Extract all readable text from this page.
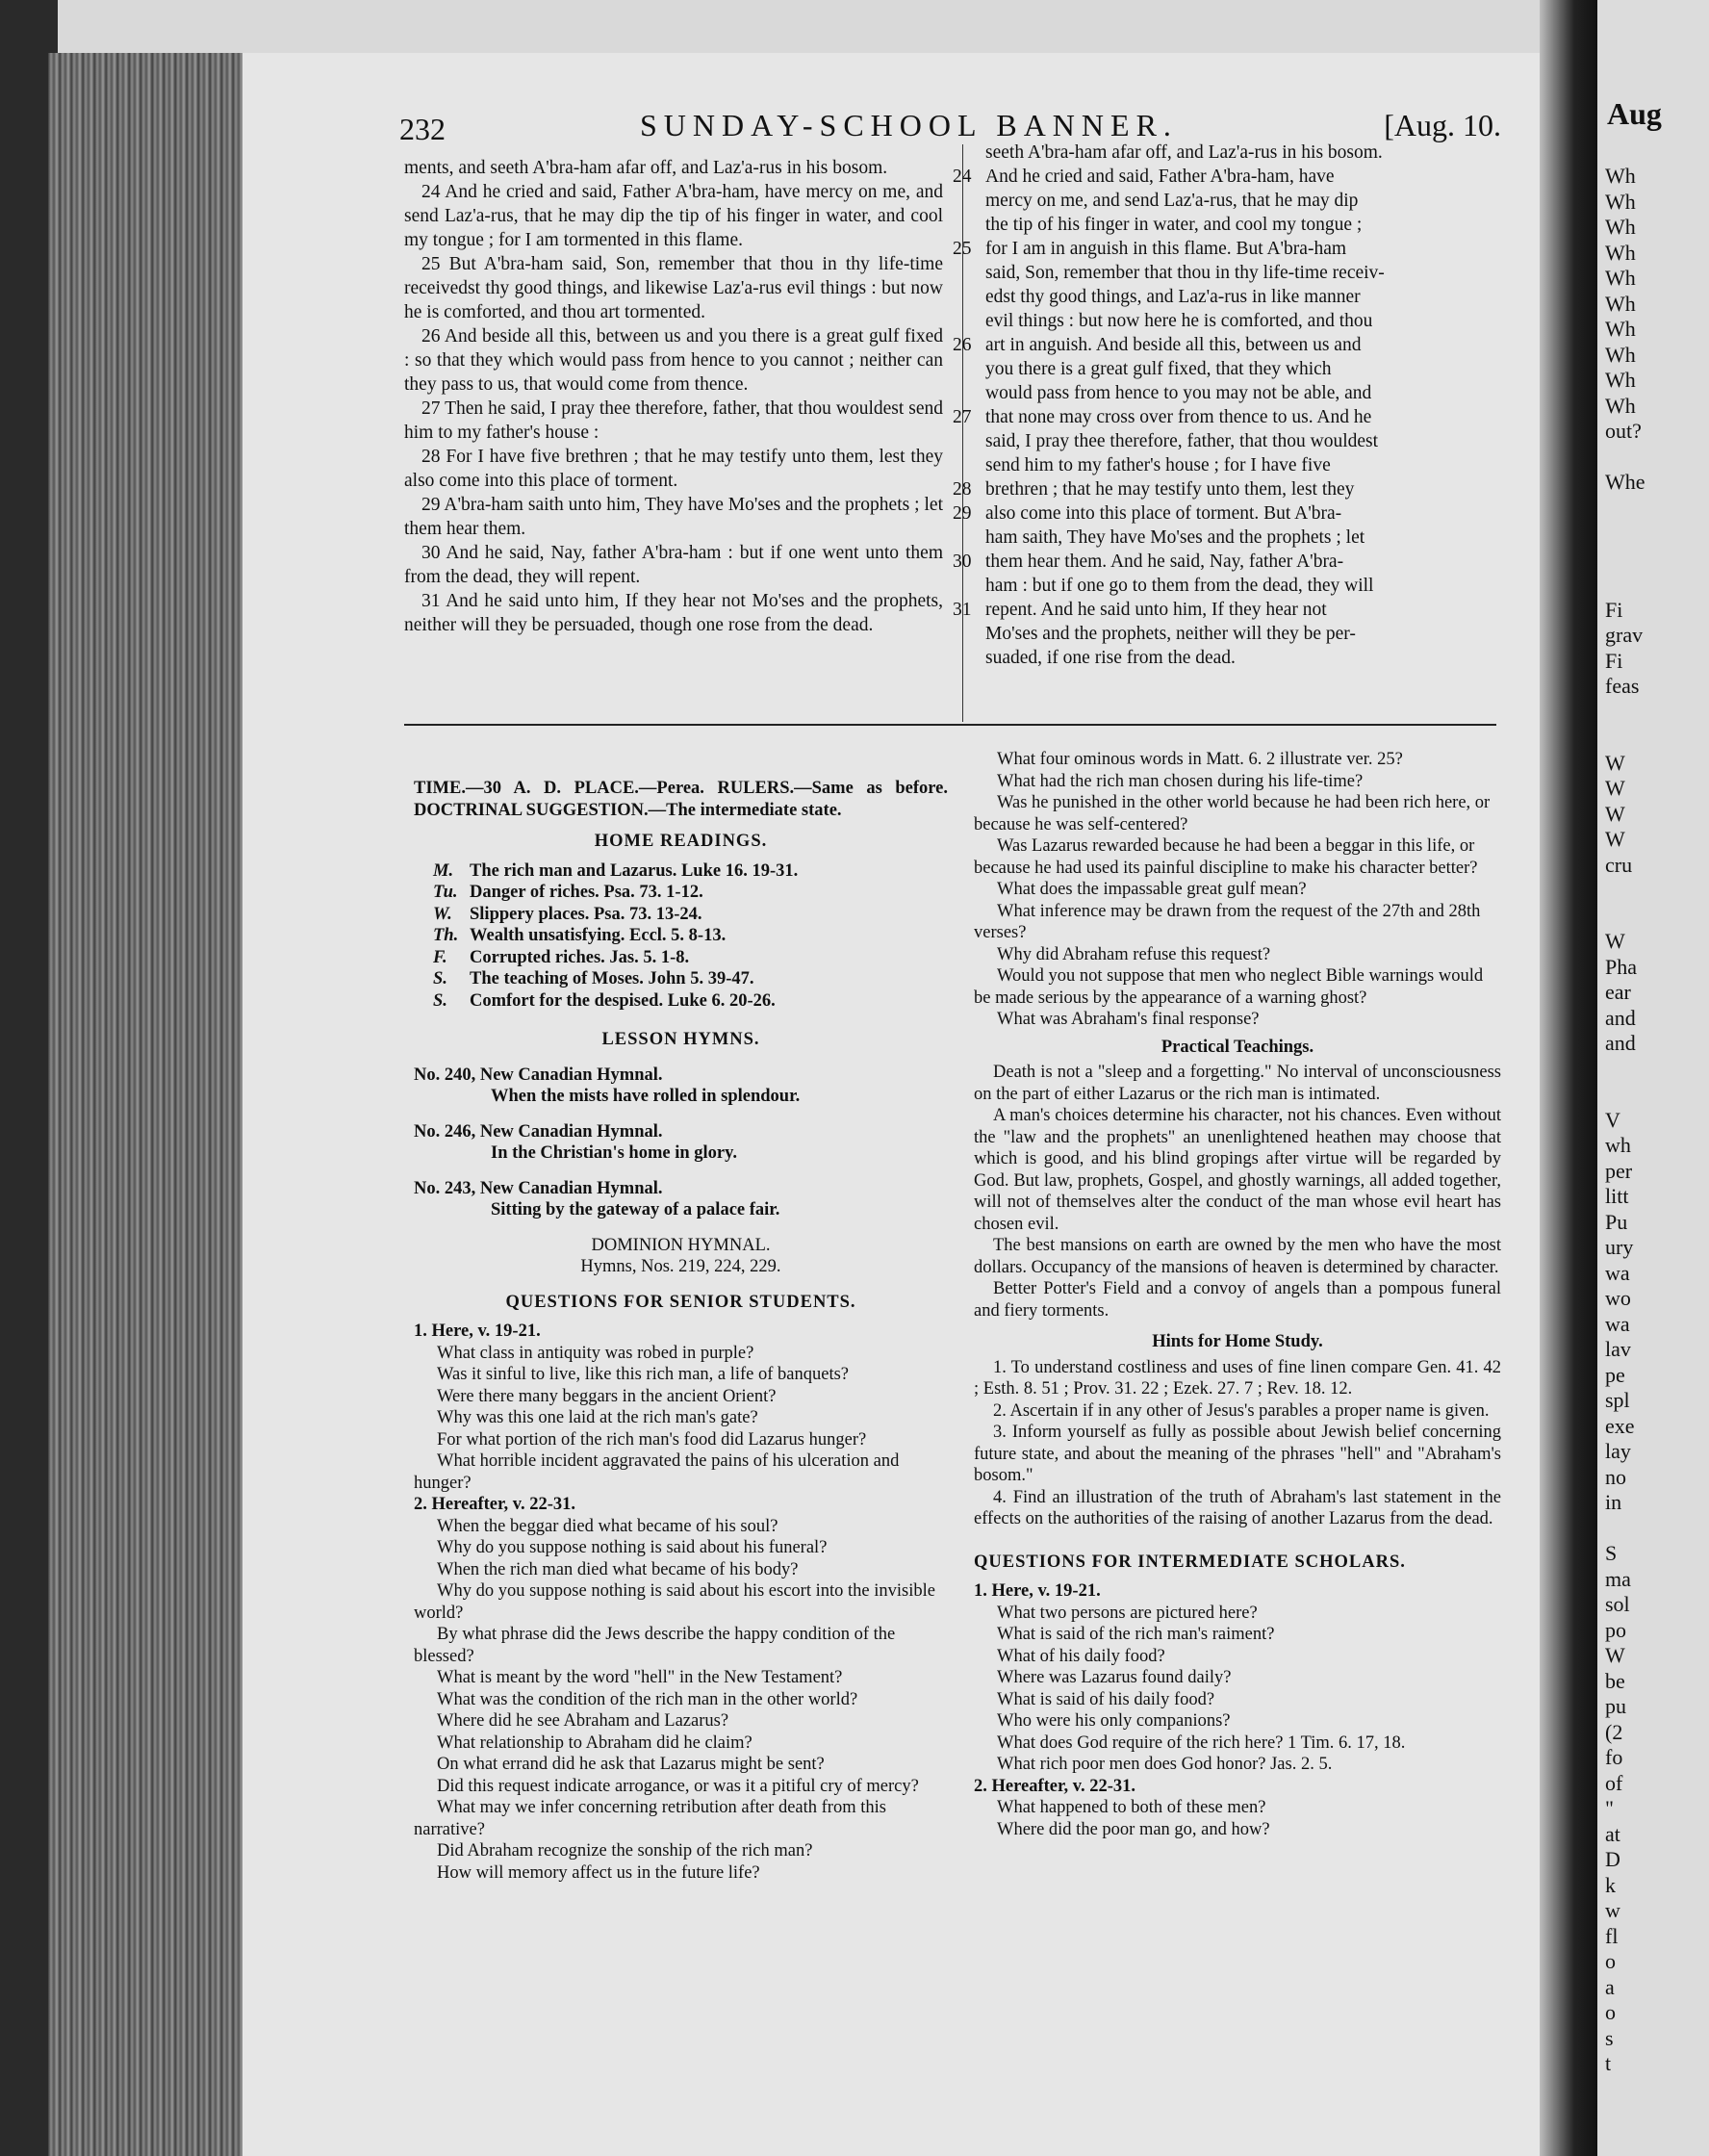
Aug
Wh
Wh
Wh
Wh
Wh
Wh
Wh
Wh
Wh
Wh
out?
Whe
Fi
grav
Fi
feas
W
W
W
W
cru
W
Pha
ear
and
and
V
wh
per
litt
Pu
ury
wa
wo
wa
lav
pe
spl
exe
lay
no
in
S
ma
sol
po
W
be
pu
(2
fo
of
"
at
D
k
w
fl
o
a
o
s
t
232	SUNDAY-SCHOOL BANNER.	[Aug. 10.

ments, and seeth A'bra-ham afar off, and Laz'a-rus in his bosom.

24 And he cried and said, Father A'bra-ham, have mercy on me, and send Laz'a-rus, that he may dip the tip of his finger in water, and cool my tongue ; for I am tormented in this flame.

25 But A'bra-ham said, Son, remember that thou in thy life-time receivedst thy good things, and likewise Laz'a-rus evil things : but now he is comforted, and thou art tormented.

26 And beside all this, between us and you there is a great gulf fixed : so that they which would pass from hence to you cannot ; neither can they pass to us, that would come from thence.

27 Then he said, I pray thee therefore, father, that thou wouldest send him to my father's house :

28 For I have five brethren ; that he may testify unto them, lest they also come into this place of torment.

29 A'bra-ham saith unto him, They have Mo'ses and the prophets ; let them hear them.

30 And he said, Nay, father A'bra-ham : but if one went unto them from the dead, they will repent.

31 And he said unto him, If they hear not Mo'ses and the prophets, neither will they be persuaded, though one rose from the dead.

seeth A'bra-ham afar off, and Laz'a-rus in his bosom.
24 And he cried and said, Father A'bra-ham, have
mercy on me, and send Laz'a-rus, that he may dip
the tip of his finger in water, and cool my tongue ;
25 for I am in anguish in this flame. But A'bra-ham
said, Son, remember that thou in thy life-time receiv-
edst thy good things, and Laz'a-rus in like manner
evil things : but now here he is comforted, and thou
26 art in anguish. And beside all this, between us and
you there is a great gulf fixed, that they which
would pass from hence to you may not be able, and
27 that none may cross over from thence to us. And he
said, I pray thee therefore, father, that thou wouldest
send him to my father's house ; for I have five
28 brethren ; that he may testify unto them, lest they
29 also come into this place of torment. But A'bra-
ham saith, They have Mo'ses and the prophets ; let
30 them hear them. And he said, Nay, father A'bra-
ham : but if one go to them from the dead, they will
31 repent. And he said unto him, If they hear not
Mo'ses and the prophets, neither will they be per-
suaded, if one rise from the dead.

TIME.—30 A. D. PLACE.—Perea. RULERS.—Same as before. DOCTRINAL SUGGESTION.—The intermediate state.

HOME READINGS.
M. The rich man and Lazarus. Luke 16. 19-31.
Tu. Danger of riches. Psa. 73. 1-12.
W. Slippery places. Psa. 73. 13-24.
Th. Wealth unsatisfying. Eccl. 5. 8-13.
F.	Corrupted riches. Jas. 5. 1-8.
S.	The teaching of Moses. John 5. 39-47.
S.	Comfort for the despised. Luke 6. 20-26.
LESSON HYMNS.
No. 240, New Canadian Hymnal.
When the mists have rolled in splendour.
No. 246, New Canadian Hymnal.
In the Christian's home in glory.
No. 243, New Canadian Hymnal.
Sitting by the gateway of a palace fair.
DOMINION HYMNAL.
Hymns, Nos. 219, 224, 229.
QUESTIONS FOR SENIOR STUDENTS.
1. Here, v. 19-21.
What class in antiquity was robed in purple?
Was it sinful to live, like this rich man, a life of banquets?
Were there many beggars in the ancient Orient?
Why was this one laid at the rich man's gate?
For what portion of the rich man's food did Lazarus hunger?
What horrible incident aggravated the pains of his ulceration and hunger?
2. Hereafter, v. 22-31.
When the beggar died what became of his soul?
Why do you suppose nothing is said about his funeral?
When the rich man died what became of his body?
Why do you suppose nothing is said about his escort into the invisible world?
By what phrase did the Jews describe the happy condition of the blessed?
What is meant by the word "hell" in the New Testament?
What was the condition of the rich man in the other world?
Where did he see Abraham and Lazarus?
What relationship to Abraham did he claim?
On what errand did he ask that Lazarus might be sent?
Did this request indicate arrogance, or was it a pitiful cry of mercy?
What may we infer concerning retribution after death from this narrative?
Did Abraham recognize the sonship of the rich man?
How will memory affect us in the future life?
What four ominous words in Matt. 6. 2 illustrate ver. 25?
What had the rich man chosen during his life-time?
Was he punished in the other world because he had been rich here, or because he was self-centered?
Was Lazarus rewarded because he had been a beggar in this life, or because he had used its painful discipline to make his character better?
What does the impassable great gulf mean?
What inference may be drawn from the request of the 27th and 28th verses?
Why did Abraham refuse this request?
Would you not suppose that men who neglect Bible warnings would be made serious by the appearance of a warning ghost?
What was Abraham's final response?
Practical Teachings.

Death is not a "sleep and a forgetting." No interval of unconsciousness on the part of either Lazarus or the rich man is intimated.

A man's choices determine his character, not his chances. Even without the "law and the prophets" an unenlightened heathen may choose that which is good, and his blind gropings after virtue will be regarded by God. But law, prophets, Gospel, and ghostly warnings, all added together, will not of themselves alter the conduct of the man whose evil heart has chosen evil.

The best mansions on earth are owned by the men who have the most dollars. Occupancy of the mansions of heaven is determined by character.

Better Potter's Field and a convoy of angels than a pompous funeral and fiery torments.

Hints for Home Study.

1. To understand costliness and uses of fine linen compare Gen. 41. 42 ; Esth. 8. 51 ; Prov. 31. 22 ; Ezek. 27. 7 ; Rev. 18. 12.

2. Ascertain if in any other of Jesus's parables a proper name is given.

3. Inform yourself as fully as possible about Jewish belief concerning future state, and about the meaning of the phrases "hell" and "Abraham's bosom."

4. Find an illustration of the truth of Abraham's last statement in the effects on the authorities of the raising of another Lazarus from the dead.

QUESTIONS FOR INTERMEDIATE SCHOLARS.
1. Here, v. 19-21.
What two persons are pictured here?
What is said of the rich man's raiment?
What of his daily food?
Where was Lazarus found daily?
What is said of his daily food?
Who were his only companions?
What does God require of the rich here? 1 Tim. 6. 17, 18.
What rich poor men does God honor? Jas. 2. 5.
2. Hereafter, v. 22-31.
What happened to both of these men?
Where did the poor man go, and how?
